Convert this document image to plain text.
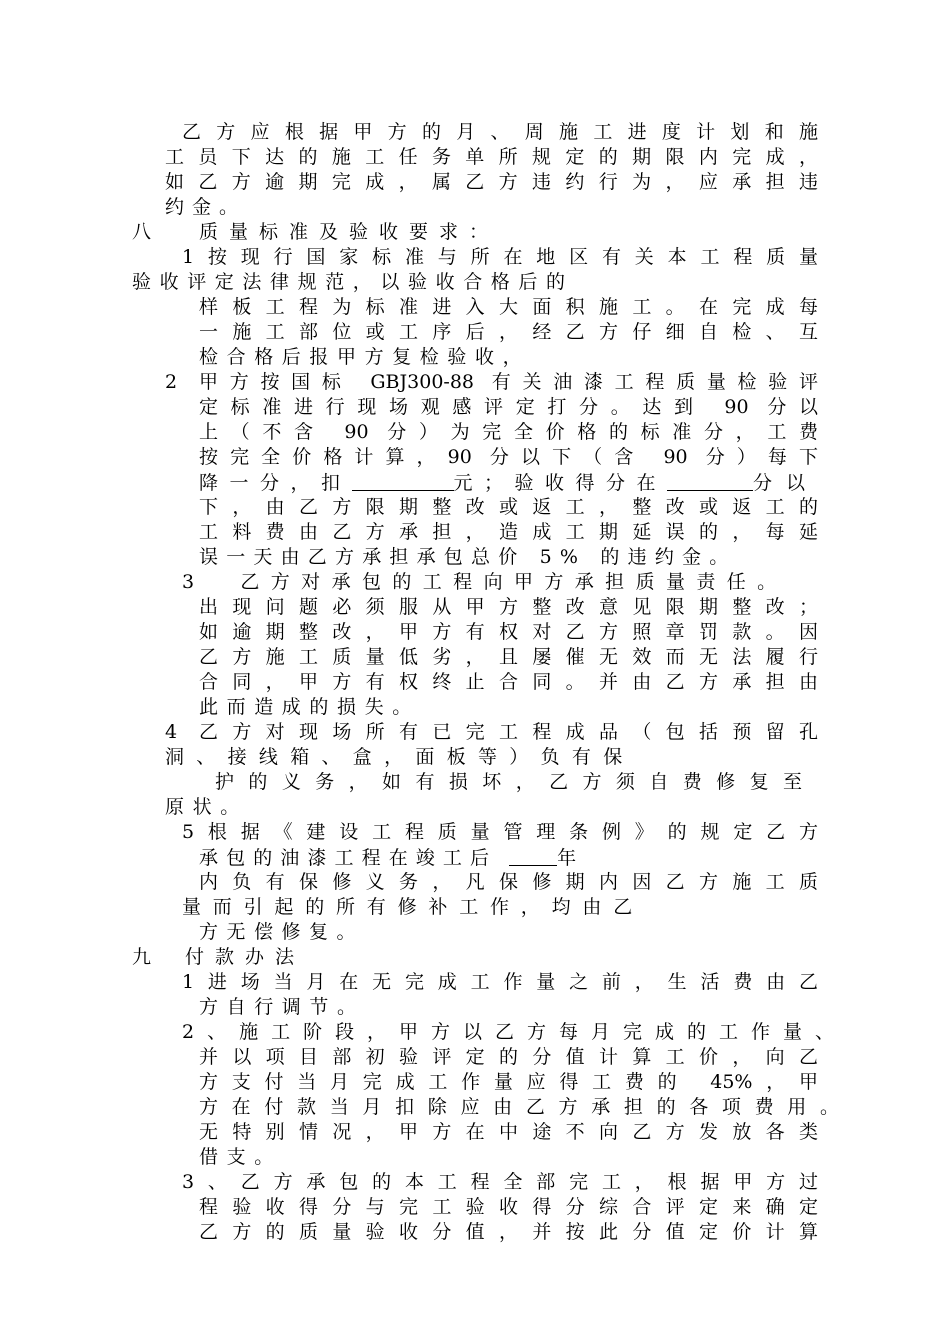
乙方应根据甲方的月、周施工进度计划和施
工员下达的施工任务单所规定的期限内完成，
如乙方逾期完成，属乙方违约行为，应承担违
约金。
八	质量标准及验收要求：
1按现行国家标准与所在地区有关本工程质量
验收评定法律规范，以验收合格后的
样板工程为标准进入大面积施工。在完成每
一施工部位或工序后，经乙方仔细自检、互
检合格后报甲方复检验收，
2 甲方按国标 GBJ300-88 有关油漆工程质量检验评
定标准进行现场观感评定打分。达到 90 分以
上（不含 90 分）为完全价格的标准分，工费
按完全价格计算，90 分以下（含 90 分）每下
降一分，扣	元；验收得分在	分以
下，由乙方限期整改或返工，整改或返工的
工料费由乙方承担，造成工期延误的，每延
误一天由乙方承担承包总价 5% 的违约金。
3  乙方对承包的工程向甲方承担质量责任。
出现问题必须服从甲方整改意见限期整改；
如逾期整改，甲方有权对乙方照章罚款。因
乙方施工质量低劣，且屡催无效而无法履行
合同，甲方有权终止合同。并由乙方承担由
此而造成的损失。
4 乙方对现场所有已完工程成品（包括预留孔
洞、接线箱、盒，面板等）负有保
护的义务，如有损坏，乙方须自费修复至
原状。
5根据《建设工程质量管理条例》的规定乙方
承包的油漆工程在竣工后	年
内负有保修义务，凡保修期内因乙方施工质
量而引起的所有修补工作，均由乙
方无偿修复。
九 付款办法
1进场当月在无完成工作量之前，生活费由乙
方自行调节。
2、施工阶段，甲方以乙方每月完成的工作量、
并以项目部初验评定的分值计算工价，向乙
方支付当月完成工作量应得工费的 45%，甲
方在付款当月扣除应由乙方承担的各项费用。
无特别情况，甲方在中途不向乙方发放各类
借支。
3、乙方承包的本工程全部完工，根据甲方过
程验收得分与完工验收得分综合评定来确定
乙方的质量验收分值，并按此分值定价计算
